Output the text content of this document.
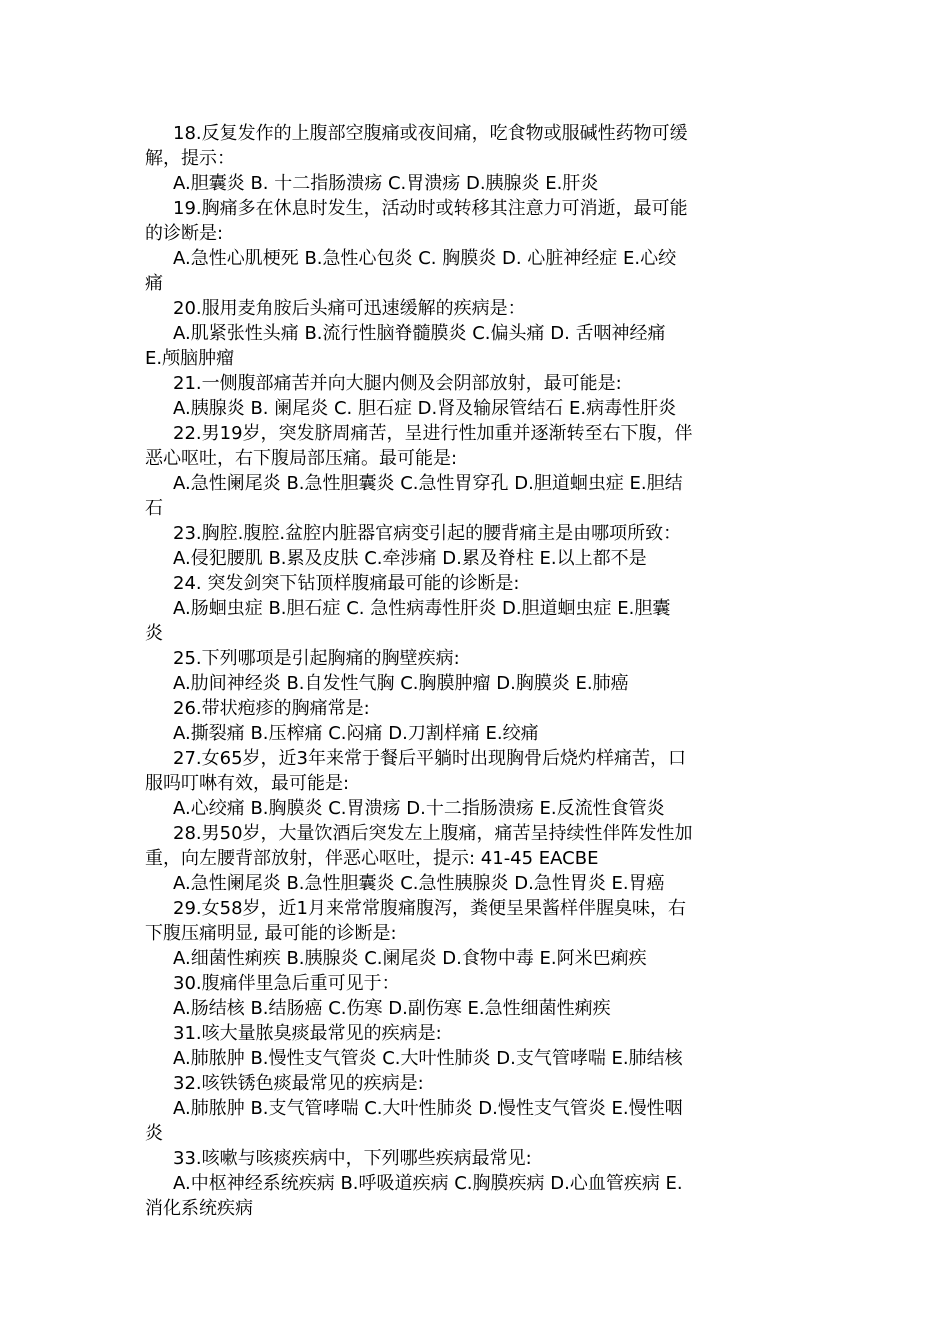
18.反复发作的上腹部空腹痛或夜间痛，吃食物或服碱性药物可缓

解，提示：

A.胆囊炎 B. 十二指肠溃疡 C.胃溃疡 D.胰腺炎 E.肝炎

19.胸痛多在休息时发生，活动时或转移其注意力可消逝，最可能

的诊断是:

A.急性心肌梗死 B.急性心包炎 C. 胸膜炎 D. 心脏神经症 E.心绞

痛

20.服用麦角胺后头痛可迅速缓解的疾病是：

A.肌紧张性头痛 B.流行性脑脊髓膜炎 C.偏头痛 D. 舌咽神经痛

E.颅脑肿瘤

21.一侧腹部痛苦并向大腿内侧及会阴部放射，最可能是:

A.胰腺炎 B. 阑尾炎 C. 胆石症 D.肾及输尿管结石 E.病毒性肝炎

22.男19岁，突发脐周痛苦，呈进行性加重并逐渐转至右下腹，伴

恶心呕吐，右下腹局部压痛。最可能是:

A.急性阑尾炎 B.急性胆囊炎 C.急性胃穿孔 D.胆道蛔虫症 E.胆结

石

23.胸腔.腹腔.盆腔内脏器官病变引起的腰背痛主是由哪项所致：

A.侵犯腰肌 B.累及皮肤 C.牵涉痛 D.累及脊柱 E.以上都不是

24. 突发剑突下钻顶样腹痛最可能的诊断是:

A.肠蛔虫症 B.胆石症 C. 急性病毒性肝炎 D.胆道蛔虫症 E.胆囊

炎

25.下列哪项是引起胸痛的胸壁疾病:

A.肋间神经炎 B.自发性气胸 C.胸膜肿瘤 D.胸膜炎 E.肺癌

26.带状疱疹的胸痛常是:

A.撕裂痛 B.压榨痛 C.闷痛 D.刀割样痛 E.绞痛

27.女65岁，近3年来常于餐后平躺时出现胸骨后烧灼样痛苦，口

服吗叮啉有效，最可能是:

A.心绞痛 B.胸膜炎 C.胃溃疡 D.十二指肠溃疡 E.反流性食管炎

28.男50岁，大量饮酒后突发左上腹痛，痛苦呈持续性伴阵发性加

重，向左腰背部放射，伴恶心呕吐，提示: 41-45 EACBE

A.急性阑尾炎 B.急性胆囊炎 C.急性胰腺炎 D.急性胃炎 E.胃癌

29.女58岁，近1月来常常腹痛腹泻，粪便呈果酱样伴腥臭味，右

下腹压痛明显, 最可能的诊断是:

A.细菌性痢疾 B.胰腺炎 C.阑尾炎 D.食物中毒 E.阿米巴痢疾

30.腹痛伴里急后重可见于：

A.肠结核 B.结肠癌 C.伤寒 D.副伤寒 E.急性细菌性痢疾

31.咳大量脓臭痰最常见的疾病是:

A.肺脓肿 B.慢性支气管炎 C.大叶性肺炎 D.支气管哮喘 E.肺结核

32.咳铁锈色痰最常见的疾病是:

A.肺脓肿 B.支气管哮喘 C.大叶性肺炎 D.慢性支气管炎 E.慢性咽

炎

33.咳嗽与咳痰疾病中，下列哪些疾病最常见:

A.中枢神经系统疾病 B.呼吸道疾病 C.胸膜疾病 D.心血管疾病 E.

消化系统疾病
